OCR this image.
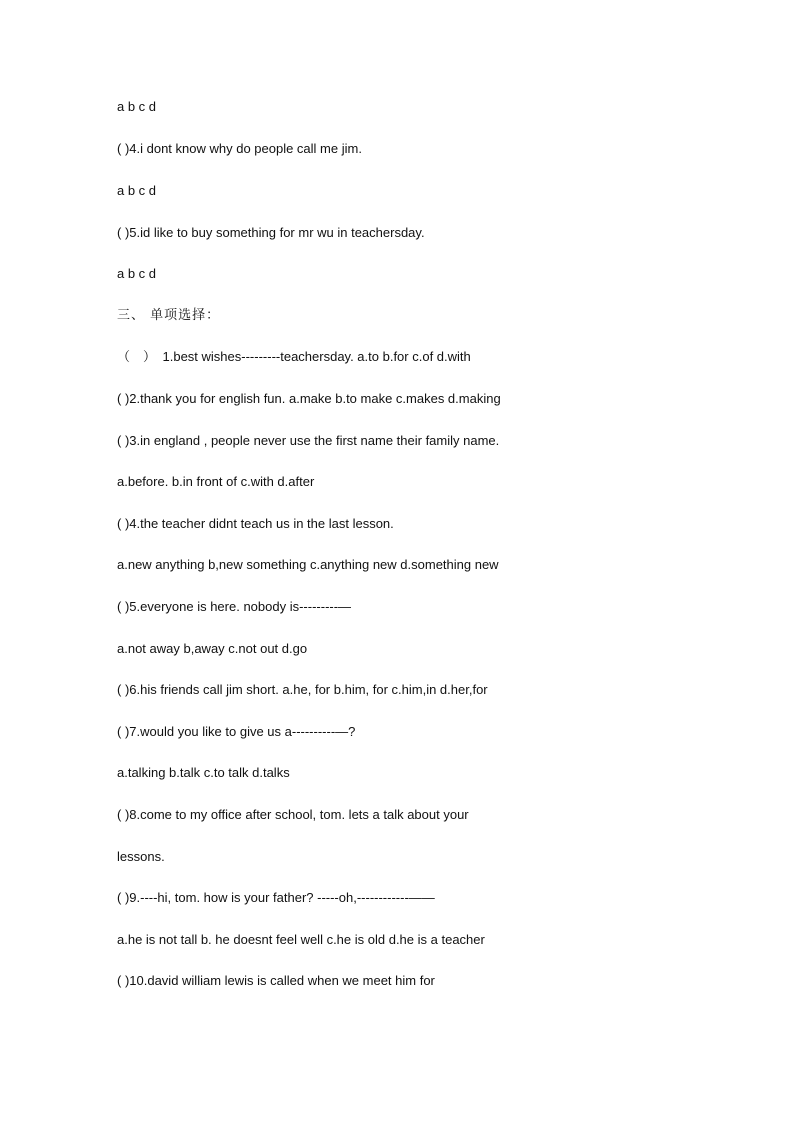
a b c d
( )4.i dont know why do people call me jim.
a b c d
( )5.id like to buy something for mr wu in teachersday.
a b c d
三、 单项选择：
（　）　1.best wishes---------teachersday. a.to b.for c.of d.with
( )2.thank you for english fun. a.make b.to make c.makes d.making
( )3.in england , people never use the first name their family name.
a.before. b.in front of c.with d.after
( )4.the teacher didnt teach us in the last lesson.
a.new anything b,new something c.anything new d.something new
( )5.everyone is here. nobody is---------—
a.not away b,away c.not out d.go
( )6.his friends call jim short. a.he, for b.him, for c.him,in d.her,for
( )7.would you like to give us a----------—?
a.talking b.talk c.to talk d.talks
( )8.come to my office after school, tom. lets a talk about your
lessons.
( )9.----hi, tom. how is your father? -----oh,------------——
a.he is not tall b. he doesnt feel well c.he is old d.he is a teacher
( )10.david william lewis is called when we meet him for
